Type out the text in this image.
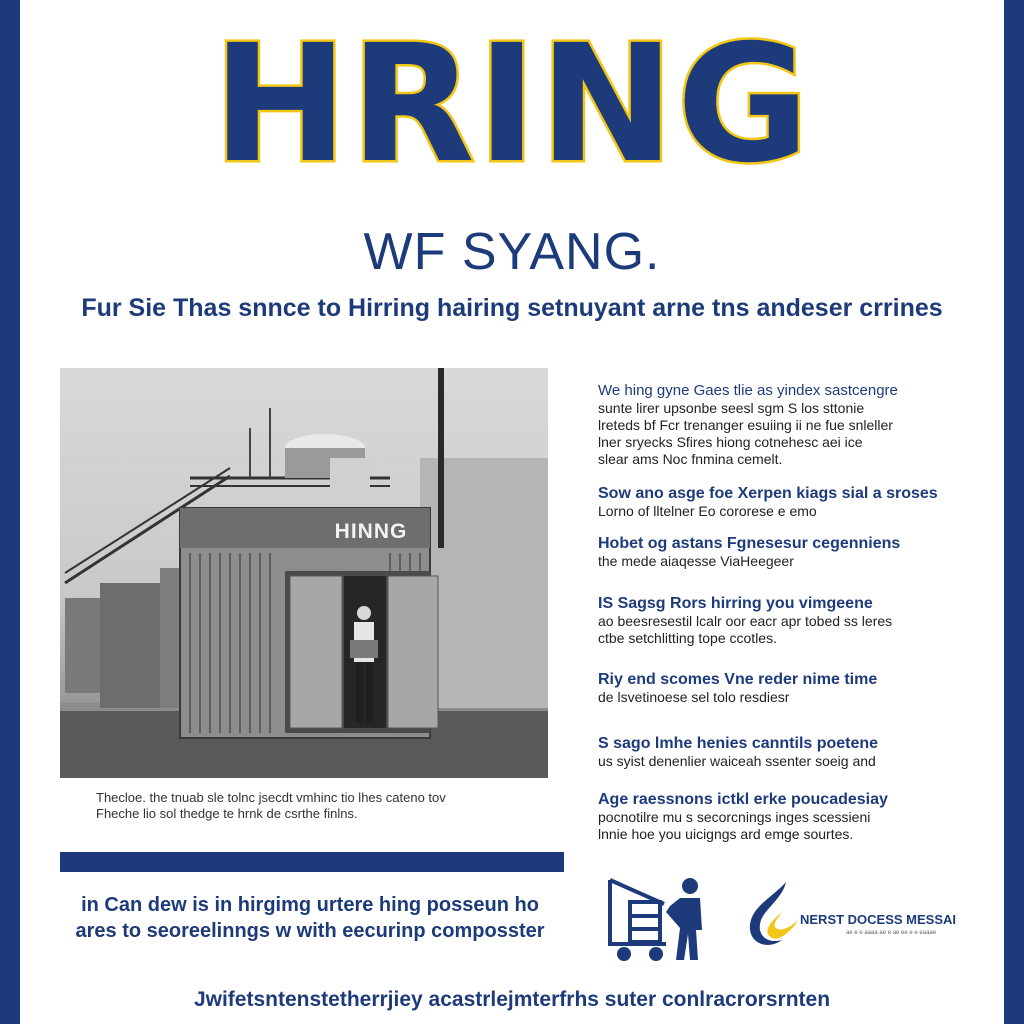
HRING
WF SYANG.
Fur Sie Thas snnce to Hirring hairing setnuyant arne tns andeser crrines
HINNG
Thecloe. the tnuab sle tolnc jsecdt vmhinc tio lhes cateno tov
Fheche lio sol thedge te hrnk de csrthe finlns.
We hing gyne Gaes tlie as yindex sastcengre
sunte lirer upsonbe seesl sgm S los sttonie
lreteds bf Fcr trenanger esuiing ii ne fue snleller
lner sryecks Sfires hiong cotnehesc aei ice
slear ams Noc fnmina cemelt.
Sow ano asge foe Xerpen kiags sial a sroses
Lorno of lltelner Eo cororese e emo
Hobet og astans Fgnesesur cegenniens
the mede aiaqesse ViaHeegeer
IS Sagsg Rors hirring you vimgeene
ao beesresestil lcalr oor eacr apr tobed ss leres
ctbe setchlitting tope ccotles.
Riy end scomes Vne reder nime time
de lsvetinoese sel tolo resdiesr
S sago lmhe henies canntils poetene
us syist denenlier waiceah ssenter soeig and
Age raessnons ictkl erke poucadesiay
pocnotilre mu s secorcnings inges scessieni
lnnie hoe you uicigngs ard emge sourtes.
in Can dew is in hirgimg urtere hing posseun ho
ares to seoreelinngs w with eecurinp composster
NERST DOCESS MESSAI
ae e e aaaa ae e ae ee e e eaaae
Jwifetsntenstetherrjiey acastrlejmterfrhs suter conlracrorsrnten
